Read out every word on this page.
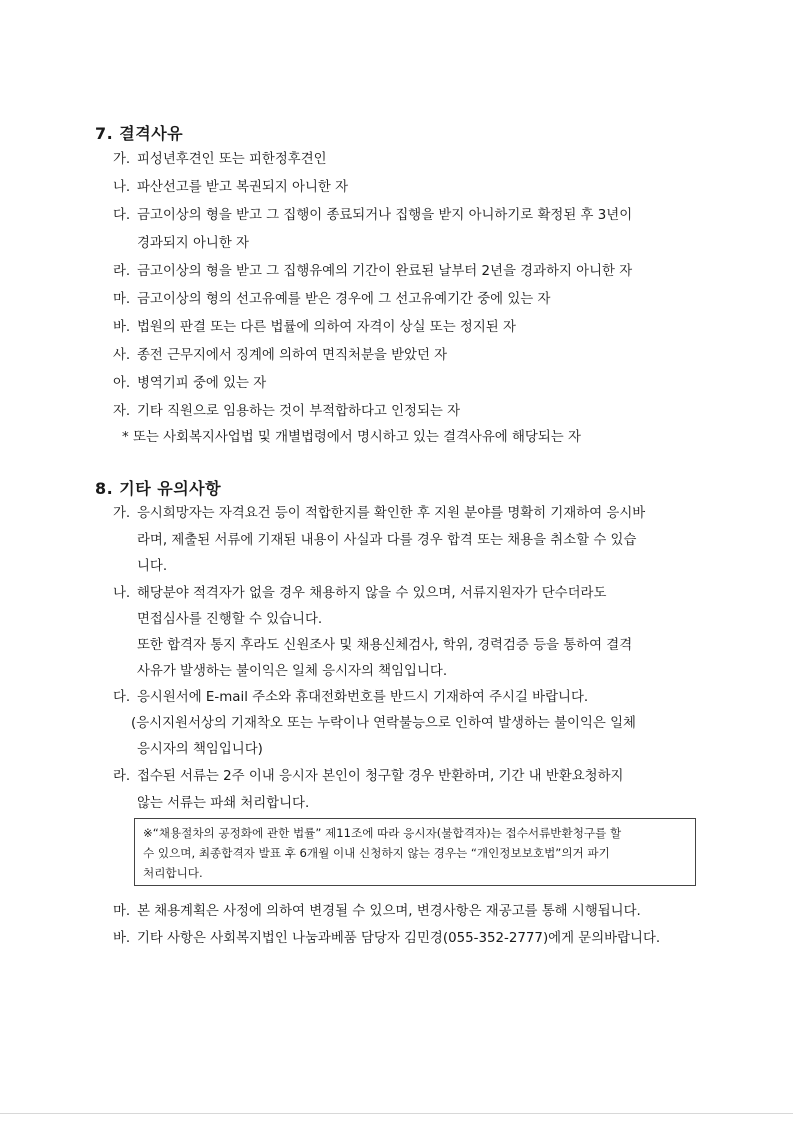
7. 결격사유
가. 피성년후견인 또는 피한정후견인
나. 파산선고를 받고 복권되지 아니한 자
다. 금고이상의 형을 받고 그 집행이 종료되거나 집행을 받지 아니하기로 확정된 후 3년이
경과되지 아니한 자
라. 금고이상의 형을 받고 그 집행유예의 기간이 완료된 날부터 2년을 경과하지 아니한 자
마. 금고이상의 형의 선고유예를 받은 경우에 그 선고유예기간 중에 있는 자
바. 법원의 판결 또는 다른 법률에 의하여 자격이 상실 또는 정지된 자
사. 종전 근무지에서 징계에 의하여 면직처분을 받았던 자
아. 병역기피 중에 있는 자
자. 기타 직원으로 임용하는 것이 부적합하다고 인정되는 자
* 또는 사회복지사업법 및 개별법령에서 명시하고 있는 결격사유에 해당되는 자
8. 기타 유의사항
가. 응시희망자는 자격요건 등이 적합한지를 확인한 후 지원 분야를 명확히 기재하여 응시바
라며, 제출된 서류에 기재된 내용이 사실과 다를 경우 합격 또는 채용을 취소할 수 있습
니다.
나. 해당분야 적격자가 없을 경우 채용하지 않을 수 있으며, 서류지원자가 단수더라도
면접심사를 진행할 수 있습니다.
또한 합격자 통지 후라도 신원조사 및 채용신체검사, 학위, 경력검증 등을 통하여 결격
사유가 발생하는 불이익은 일체 응시자의 책임입니다.
다. 응시원서에 E-mail 주소와 휴대전화번호를 반드시 기재하여 주시길 바랍니다.
(응시지원서상의 기재착오 또는 누락이나 연락불능으로 인하여 발생하는 불이익은 일체
응시자의 책임입니다)
라. 접수된 서류는 2주 이내 응시자 본인이 청구할 경우 반환하며, 기간 내 반환요청하지
않는 서류는 파쇄 처리합니다.
※“채용절차의 공정화에 관한 법률” 제11조에 따라 응시자(불합격자)는 접수서류반환청구를 할
수 있으며, 최종합격자 발표 후 6개월 이내 신청하지 않는 경우는 “개인정보보호법”의거 파기
처리합니다.
마. 본 채용계획은 사정에 의하여 변경될 수 있으며, 변경사항은 재공고를 통해 시행됩니다.
바. 기타 사항은 사회복지법인 나눔과베품 담당자 김민경(055-352-2777)에게 문의바랍니다.
